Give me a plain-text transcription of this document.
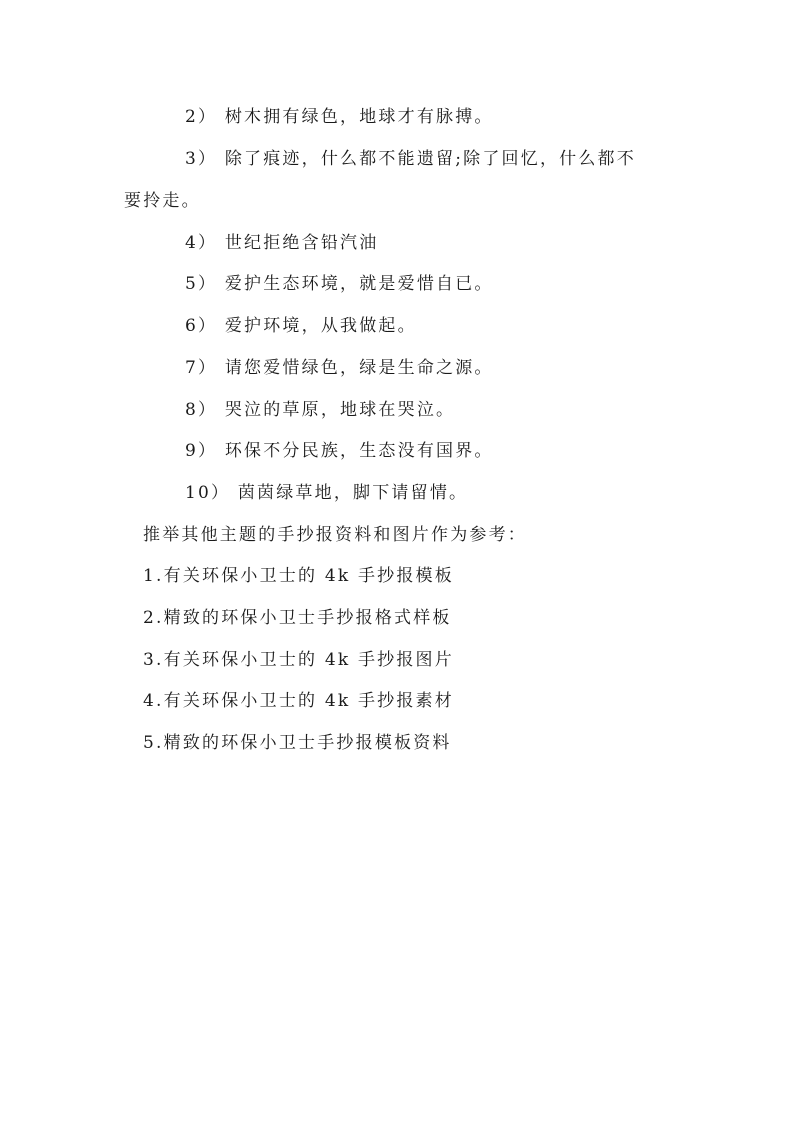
2） 树木拥有绿色，地球才有脉搏。
3） 除了痕迹，什么都不能遗留;除了回忆，什么都不
要拎走。
4） 世纪拒绝含铅汽油
5） 爱护生态环境，就是爱惜自已。
6） 爱护环境，从我做起。
7） 请您爱惜绿色，绿是生命之源。
8） 哭泣的草原，地球在哭泣。
9） 环保不分民族，生态没有国界。
10） 茵茵绿草地，脚下请留情。
推举其他主题的手抄报资料和图片作为参考：
1.有关环保小卫士的 4k 手抄报模板
2.精致的环保小卫士手抄报格式样板
3.有关环保小卫士的 4k 手抄报图片
4.有关环保小卫士的 4k 手抄报素材
5.精致的环保小卫士手抄报模板资料
